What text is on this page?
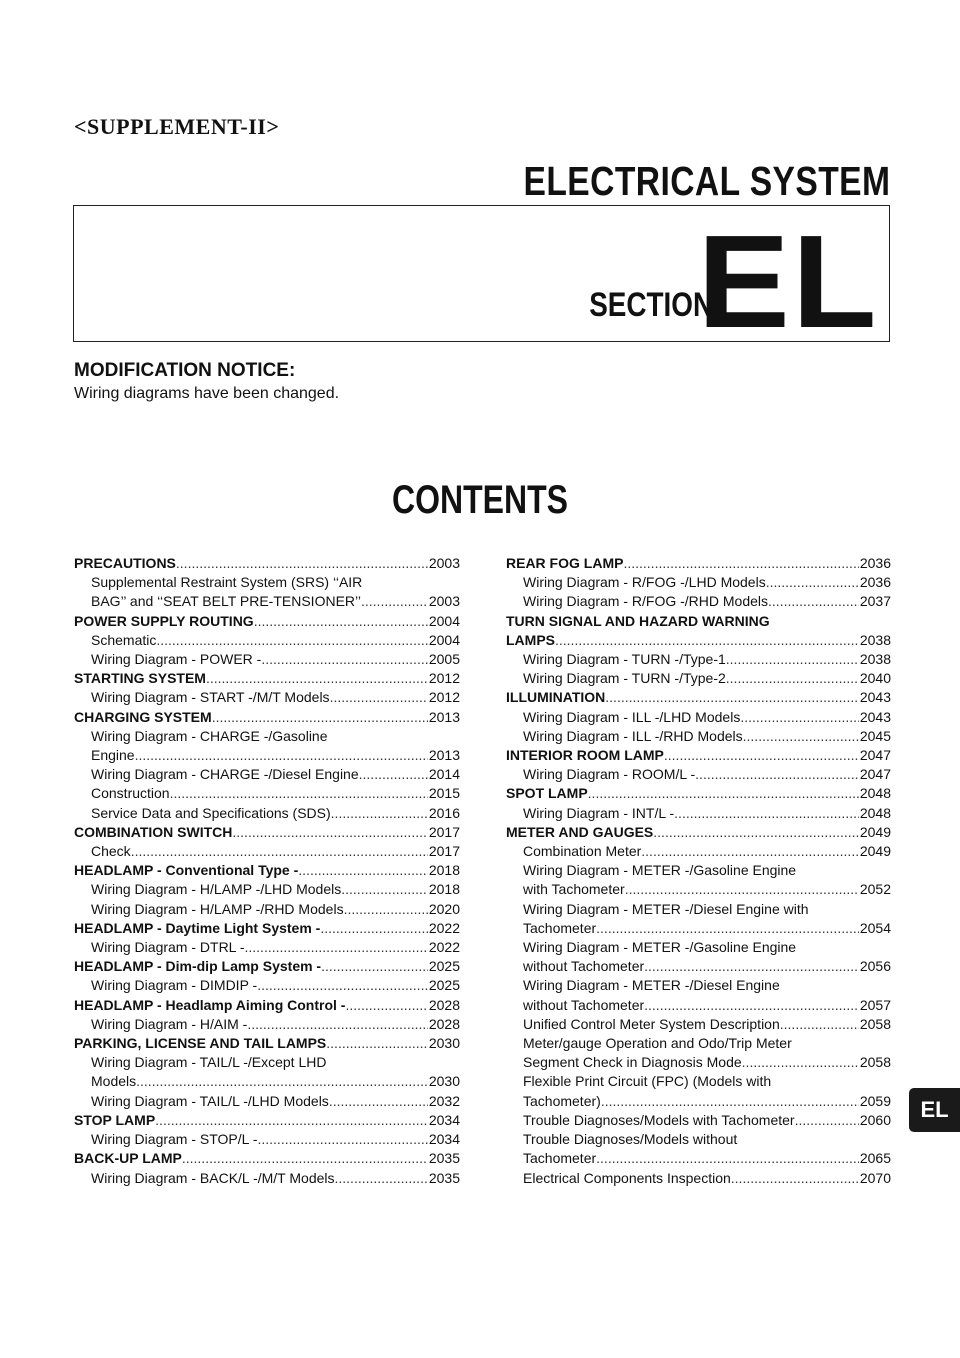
<SUPPLEMENT-II>
ELECTRICAL SYSTEM
SECTION
EL
MODIFICATION NOTICE:
Wiring diagrams have been changed.
CONTENTS
PRECAUTIONS .....	2003
Supplemental Restraint System (SRS) ‘‘AIR
BAG’’ and ‘‘SEAT BELT PRE-TENSIONER’’ .....	2003
POWER SUPPLY ROUTING .....	2004
Schematic .....	2004
Wiring Diagram - POWER - .....	2005
STARTING SYSTEM .....	2012
Wiring Diagram - START -/M/T Models .....	2012
CHARGING SYSTEM .....	2013
Wiring Diagram - CHARGE -/Gasoline
Engine .....	2013
Wiring Diagram - CHARGE -/Diesel Engine .....	2014
Construction .....	2015
Service Data and Specifications (SDS) .....	2016
COMBINATION SWITCH .....	2017
Check .....	2017
HEADLAMP - Conventional Type - .....	2018
Wiring Diagram - H/LAMP -/LHD Models .....	2018
Wiring Diagram - H/LAMP -/RHD Models .....	2020
HEADLAMP - Daytime Light System - .....	2022
Wiring Diagram - DTRL - .....	2022
HEADLAMP - Dim-dip Lamp System - .....	2025
Wiring Diagram - DIMDIP - .....	2025
HEADLAMP - Headlamp Aiming Control - .....	2028
Wiring Diagram - H/AIM - .....	2028
PARKING, LICENSE AND TAIL LAMPS .....	2030
Wiring Diagram - TAIL/L -/Except LHD
Models .....	2030
Wiring Diagram - TAIL/L -/LHD Models .....	2032
STOP LAMP .....	2034
Wiring Diagram - STOP/L - .....	2034
BACK-UP LAMP .....	2035
Wiring Diagram - BACK/L -/M/T Models .....	2035
REAR FOG LAMP .....	2036
Wiring Diagram - R/FOG -/LHD Models .....	2036
Wiring Diagram - R/FOG -/RHD Models .....	2037
TURN SIGNAL AND HAZARD WARNING
LAMPS .....	2038
Wiring Diagram - TURN -/Type-1 .....	2038
Wiring Diagram - TURN -/Type-2 .....	2040
ILLUMINATION .....	2043
Wiring Diagram - ILL -/LHD Models .....	2043
Wiring Diagram - ILL -/RHD Models .....	2045
INTERIOR ROOM LAMP .....	2047
Wiring Diagram - ROOM/L - .....	2047
SPOT LAMP .....	2048
Wiring Diagram - INT/L - .....	2048
METER AND GAUGES .....	2049
Combination Meter .....	2049
Wiring Diagram - METER -/Gasoline Engine
with Tachometer .....	2052
Wiring Diagram - METER -/Diesel Engine with
Tachometer .....	2054
Wiring Diagram - METER -/Gasoline Engine
without Tachometer .....	2056
Wiring Diagram - METER -/Diesel Engine
without Tachometer .....	2057
Unified Control Meter System Description .....	2058
Meter/gauge Operation and Odo/Trip Meter
Segment Check in Diagnosis Mode .....	2058
Flexible Print Circuit (FPC) (Models with
Tachometer) .....	2059
Trouble Diagnoses/Models with Tachometer .....	2060
Trouble Diagnoses/Models without
Tachometer .....	2065
Electrical Components Inspection .....	2070
EL
